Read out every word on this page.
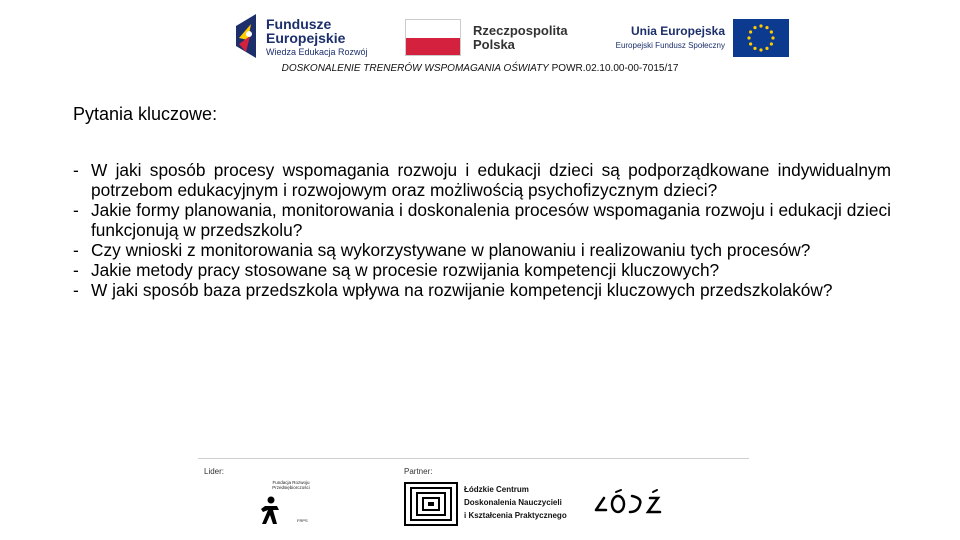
Fundusze
Europejskie
Wiedza Edukacja Rozwój
Rzeczpospolita
Polska
Unia Europejska
Europejski Fundusz Społeczny
DOSKONALENIE TRENERÓW WSPOMAGANIA OŚWIATY POWR.02.10.00-00-7015/17
Pytania kluczowe:
- W jaki sposób procesy wspomagania rozwoju i edukacji dzieci są podporządkowane indywidualnym potrzebom edukacyjnym i rozwojowym oraz możliwością psychofizycznym dzieci?
- Jakie formy planowania, monitorowania i doskonalenia procesów wspomagania rozwoju i edukacji dzieci funkcjonują w przedszkolu?
- Czy wnioski z monitorowania są wykorzystywane w planowaniu i realizowaniu tych procesów?
- Jakie metody pracy stosowane są w procesie rozwijania kompetencji kluczowych?
- W jaki sposób baza przedszkola wpływa na rozwijanie kompetencji kluczowych przedszkolaków?
Lider:	Partner:
Fundacja Rozwoju Przedsiębiorczości
FRPS
Łódzkie Centrum
Doskonalenia Nauczycieli
i Kształcenia Praktycznego
